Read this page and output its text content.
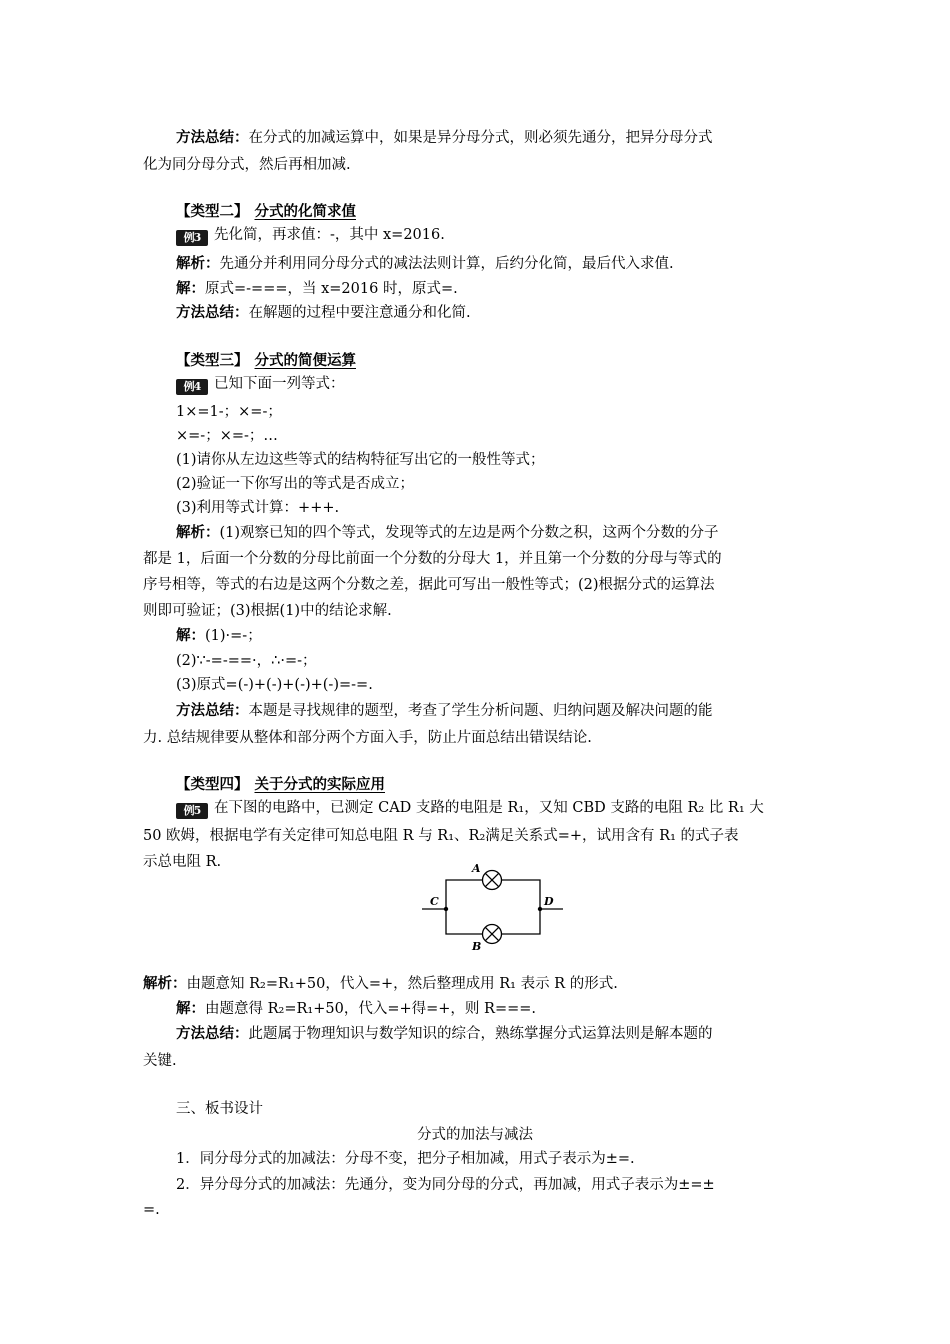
方法总结：在分式的加减运算中，如果是异分母分式，则必须先通分，把异分母分式
化为同分母分式，然后再相加减.
【类型二】 分式的化简求值
例3 先化简，再求值：-，其中 x=2016.
解析：先通分并利用同分母分式的减法法则计算，后约分化简，最后代入求值.
解：原式=-===，当 x=2016 时，原式=.
方法总结：在解题的过程中要注意通分和化简.
【类型三】 分式的简便运算
例4 已知下面一列等式：
1×=1-；×=-；
×=-；×=-；…
(1)请你从左边这些等式的结构特征写出它的一般性等式；
(2)验证一下你写出的等式是否成立；
(3)利用等式计算：+++.
解析：(1)观察已知的四个等式，发现等式的左边是两个分数之积，这两个分数的分子
都是 1，后面一个分数的分母比前面一个分数的分母大 1，并且第一个分数的分母与等式的
序号相等，等式的右边是这两个分数之差，据此可写出一般性等式；(2)根据分式的运算法
则即可验证；(3)根据(1)中的结论求解.
解：(1)·=-；
(2)∵-=-==·，∴·=-；
(3)原式=(-)+(-)+(-)+(-)=-=.
方法总结：本题是寻找规律的题型，考查了学生分析问题、归纳问题及解决问题的能
力. 总结规律要从整体和部分两个方面入手，防止片面总结出错误结论.
【类型四】 关于分式的实际应用
例5 在下图的电路中，已测定 CAD 支路的电阻是 R₁，又知 CBD 支路的电阻 R₂ 比 R₁ 大
50 欧姆，根据电学有关定律可知总电阻 R 与 R₁、R₂满足关系式=+，试用含有 R₁ 的式子表
示总电阻 R.	A
B
C	D
解析：由题意知 R₂=R₁+50，代入=+，然后整理成用 R₁ 表示 R 的形式.
解：由题意得 R₂=R₁+50，代入=+得=+，则 R===.
方法总结：此题属于物理知识与数学知识的综合，熟练掌握分式运算法则是解本题的
关键.
三、板书设计
分式的加法与减法
1．同分母分式的加减法：分母不变，把分子相加减，用式子表示为±=.
2．异分母分式的加减法：先通分，变为同分母的分式，再加减，用式子表示为±=±
=.
